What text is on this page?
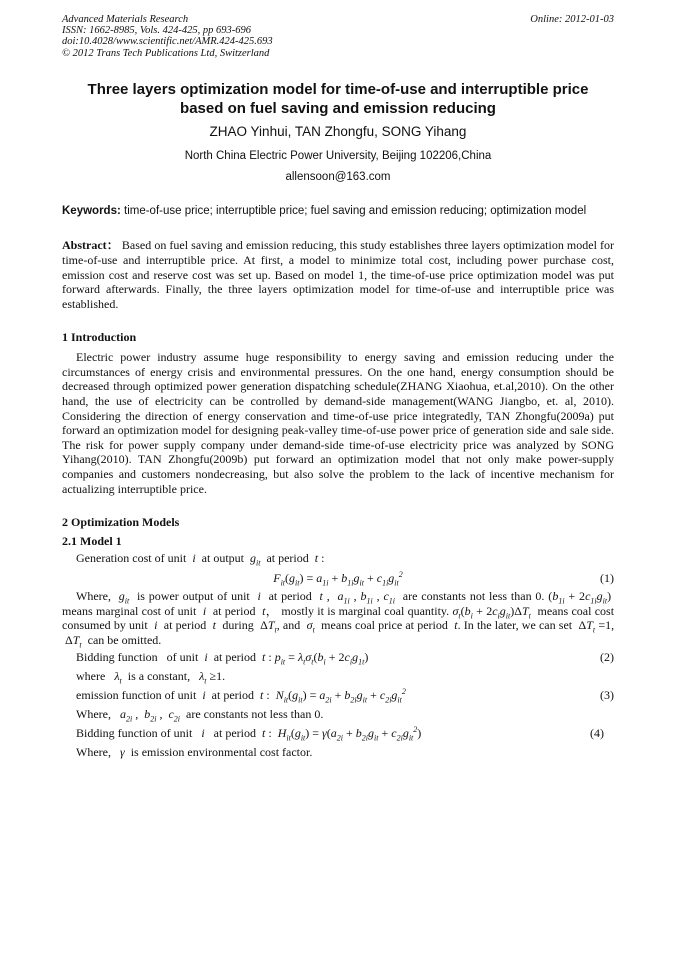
Advanced Materials Research
ISSN: 1662-8985, Vols. 424-425, pp 693-696
doi:10.4028/www.scientific.net/AMR.424-425.693
© 2012 Trans Tech Publications Ltd, Switzerland
Online: 2012-01-03

Three layers optimization model for time-of-use and interruptible price

based on fuel saving and emission reducing

ZHAO Yinhui, TAN Zhongfu, SONG Yihang
North China Electric Power University, Beijing 102206,China
allensoon@163.com
Keywords: time-of-use price; interruptible price; fuel saving and emission reducing; optimization model
Abstract： Based on fuel saving and emission reducing, this study establishes three layers optimization model for time-of-use and interruptible price. At first, a model to minimize total cost, including power purchase cost, emission cost and reserve cost was set up. Based on model 1, the time-of-use price optimization model was put forward afterwards. Finally, the three layers optimization model for time-of-use and interruptible price was established.
1 Introduction
Electric power industry assume huge responsibility to energy saving and emission reducing under the circumstances of energy crisis and environmental pressures. On the one hand, energy consumption should be decreased through optimized power generation dispatching schedule(ZHANG Xiaohua, et.al,2010). On the other hand, the use of electricity can be controlled by demand-side management(WANG Jiangbo, et. al, 2010). Considering the direction of energy conservation and time-of-use price integratedly, TAN Zhongfu(2009a) put forward an optimization model for designing peak-valley time-of-use power price of generation side and sale side. The risk for power supply company under demand-side time-of-use electricity price was analyzed by SONG Yihang(2010). TAN Zhongfu(2009b) put forward an optimization model that not only make power-supply companies and customers nondecreasing, but also solve the problem to the lack of incentive mechanism for actualizing interruptible price.
2 Optimization Models
2.1 Model 1
Generation cost of unit i at output $g_{it}$ at period t :
$F_{it}(g_{it}) = a_{1i} + b_{1i}g_{it} + c_{1i}g_{it}^2$	(1)

Where, $g_{it}$ is power output of unit i at period t ,  $a_{1i}$ , $b_{1i}$ , $c_{1i}$ are constants not less than 0. $(b_{1i} + 2c_{1i}g_{it})$  means marginal cost of unit i at period t， mostly it is marginal coal quantity. $\sigma_t(b_i + 2c_ig_{it})\Delta T_t$ means coal cost consumed by unit i at period t during  $\Delta T_t$, and $\sigma_t$ means coal price at period t. In the later, we can set  $\Delta T_t =1$,  $\Delta T_t$ can be omitted.

Bidding function of unit i at period t : $p_{it} = \lambda_t\sigma_t(b_i + 2c_ig_{1t})$	(2)
where $\lambda_t$ is a constant, $\lambda_t \ge 1$.
emission function of unit i at period t :  $N_{it}(g_{it}) = a_{2i} + b_{2i}g_{it} + c_{2i}g_{it}^2$	(3)
Where, $a_{2i}$ ,  $b_{2i}$ ,  $c_{2i}$ are constants not less than 0.
Bidding function of unit i at period t :  $H_{it}(g_{it}) = \gamma(a_{2i} + b_{2i}g_{it} + c_{2i}g_{it}^2)$	(4)
Where, γ is emission environmental cost factor.
